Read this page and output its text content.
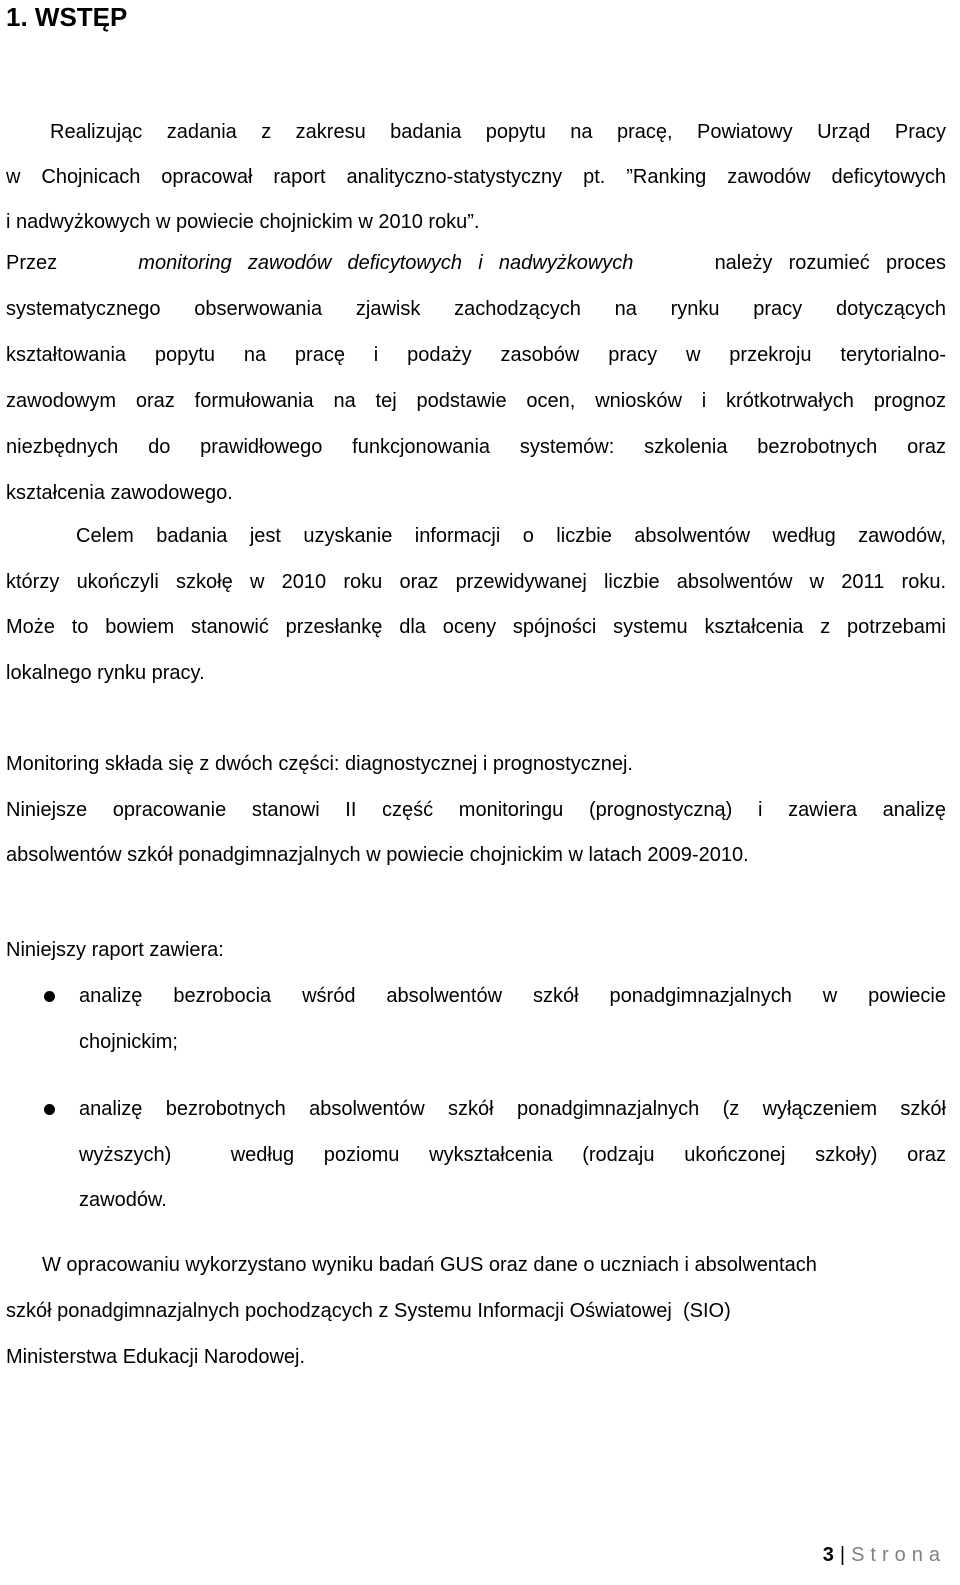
1. WSTĘP
Realizując zadania z zakresu badania popytu na pracę, Powiatowy Urząd Pracy
w Chojnicach opracował raport analityczno-statystyczny pt. ”Ranking zawodów deficytowych
i nadwyżkowych w powiecie chojnickim w 2010 roku”.
Przez	monitoring zawodów deficytowych i nadwyżkowych	należy rozumieć proces
systematycznego obserwowania zjawisk zachodzących na rynku pracy dotyczących
kształtowania popytu na pracę i podaży zasobów pracy w przekroju terytorialno-
zawodowym oraz formułowania na tej podstawie ocen, wniosków i krótkotrwałych prognoz
niezbędnych do prawidłowego funkcjonowania systemów: szkolenia bezrobotnych oraz
kształcenia zawodowego.
Celem badania jest uzyskanie informacji o liczbie absolwentów według zawodów,
którzy ukończyli szkołę w 2010 roku oraz przewidywanej liczbie absolwentów w 2011 roku.
Może to bowiem stanowić przesłankę dla oceny spójności systemu kształcenia z potrzebami
lokalnego rynku pracy.
Monitoring składa się z dwóch części: diagnostycznej i prognostycznej.
Niniejsze opracowanie stanowi II część monitoringu (prognostyczną) i zawiera analizę
absolwentów szkół ponadgimnazjalnych w powiecie chojnickim w latach 2009-2010.
Niniejszy raport zawiera:
analizę bezrobocia wśród absolwentów szkół ponadgimnazjalnych w powiecie
chojnickim;
analizę bezrobotnych absolwentów szkół ponadgimnazjalnych (z wyłączeniem szkół
wyższych)  według poziomu wykształcenia (rodzaju ukończonej szkoły) oraz
zawodów.
W opracowaniu wykorzystano wyniku badań GUS oraz dane o uczniach i absolwentach
szkół ponadgimnazjalnych pochodzących z Systemu Informacji Oświatowej  (SIO)
Ministerstwa Edukacji Narodowej.
3 | Strona
